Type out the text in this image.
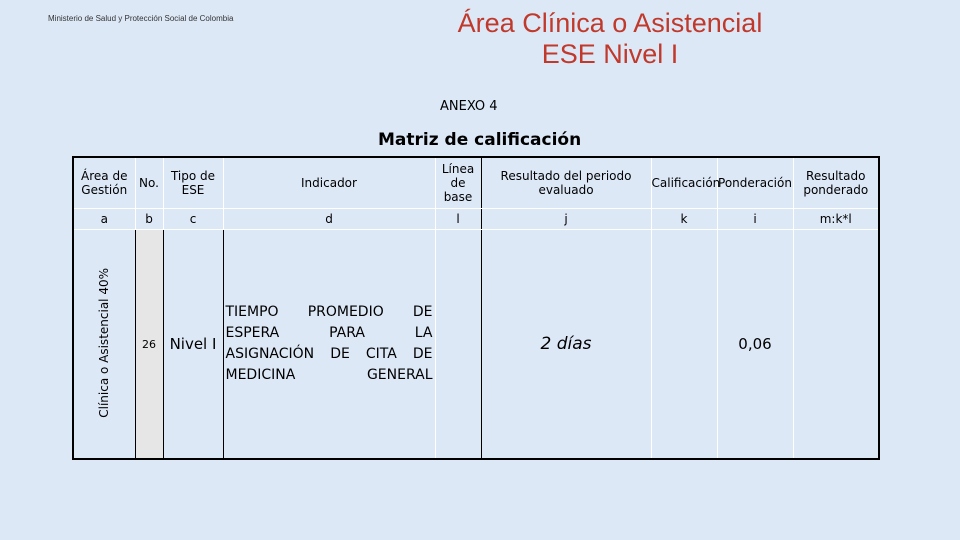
Ministerio de Salud y Protección Social de Colombia	Área Clínica o Asistencial
ESE Nivel I
ANEXO 4
Matriz de calificación
Área de Gestión	No.	Tipo de ESE	Indicador	Línea de base	Resultado del periodo evaluado	Calificación	Ponderación	Resultado ponderado
a	b	c	d	l	j	k	i	m:k*l
Clínica o Asistencial 40%	26	Nivel I	TIEMPO PROMEDIO DE
ESPERA PARA LA
ASIGNACIÓN DE CITA DE
MEDICINA GENERAL		2 días		0,06	
